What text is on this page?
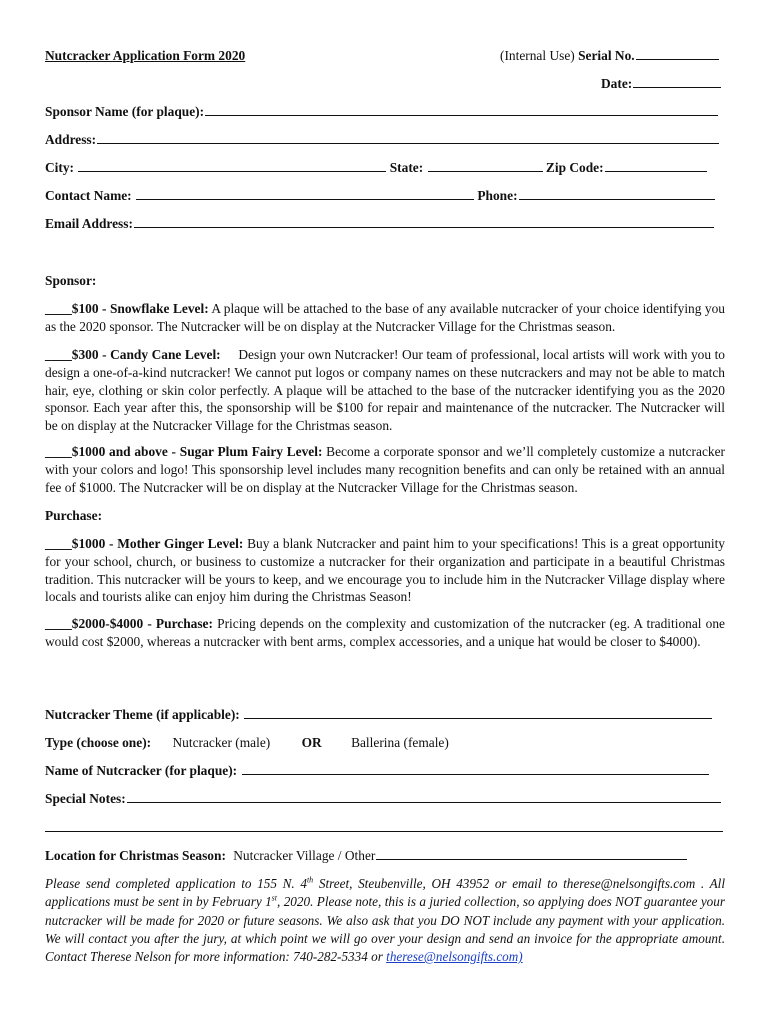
Nutcracker Application Form 2020	(Internal Use) Serial No.
Date:
Sponsor Name (for plaque):
Address:
City:	State:	Zip Code:
Contact Name:	Phone:
Email Address:
Sponsor:
____$100 - Snowflake Level: A plaque will be attached to the base of any available nutcracker of your choice identifying you as the 2020 sponsor. The Nutcracker will be on display at the Nutcracker Village for the Christmas season.
____$300 - Candy Cane Level: Design your own Nutcracker! Our team of professional, local artists will work with you to design a one-of-a-kind nutcracker! We cannot put logos or company names on these nutcrackers and may not be able to match hair, eye, clothing or skin color perfectly. A plaque will be attached to the base of the nutcracker identifying you as the 2020 sponsor. Each year after this, the sponsorship will be $100 for repair and maintenance of the nutcracker. The Nutcracker will be on display at the Nutcracker Village for the Christmas season.
____$1000 and above - Sugar Plum Fairy Level: Become a corporate sponsor and we’ll completely customize a nutcracker with your colors and logo! This sponsorship level includes many recognition benefits and can only be retained with an annual fee of $1000. The Nutcracker will be on display at the Nutcracker Village for the Christmas season.
Purchase:
____$1000 - Mother Ginger Level: Buy a blank Nutcracker and paint him to your specifications! This is a great opportunity for your school, church, or business to customize a nutcracker for their organization and participate in a beautiful Christmas tradition. This nutcracker will be yours to keep, and we encourage you to include him in the Nutcracker Village display where locals and tourists alike can enjoy him during the Christmas Season!
____$2000-$4000 - Purchase: Pricing depends on the complexity and customization of the nutcracker (eg. A traditional one would cost $2000, whereas a nutcracker with bent arms, complex accessories, and a unique hat would be closer to $4000).
Nutcracker Theme (if applicable):
Type (choose one): Nutcracker (male) OR Ballerina (female)
Name of Nutcracker (for plaque):
Special Notes:
Location for Christmas Season: Nutcracker Village / Other
Please send completed application to 155 N. 4th Street, Steubenville, OH 43952 or email to therese@nelsongifts.com . All applications must be sent in by February 1st, 2020. Please note, this is a juried collection, so applying does NOT guarantee your nutcracker will be made for 2020 or future seasons. We also ask that you DO NOT include any payment with your application. We will contact you after the jury, at which point we will go over your design and send an invoice for the appropriate amount. Contact Therese Nelson for more information: 740-282-5334 or therese@nelsongifts.com)
